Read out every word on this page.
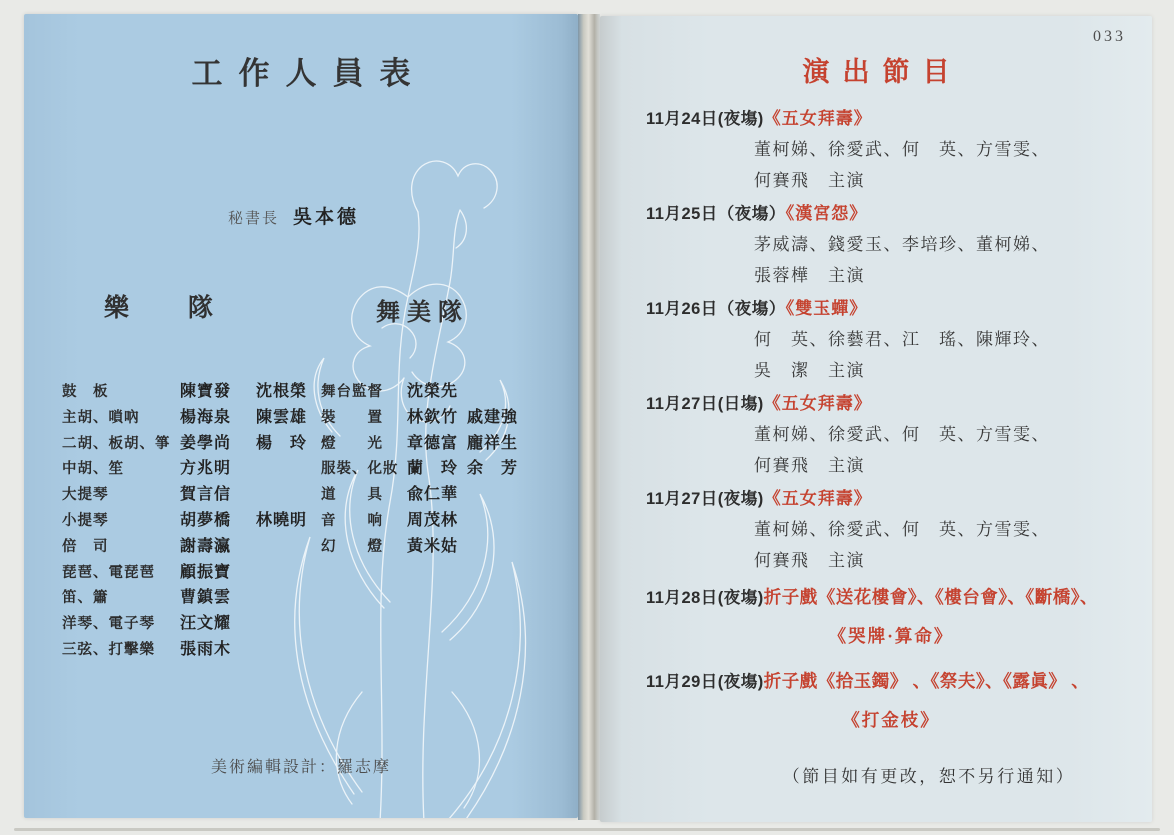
工作人員表
秘書長 吳本德
樂 隊	舞美隊
鼓　板	陳寶發	沈根榮
主胡、嗩吶	楊海泉	陳雲雄
二胡、板胡、箏 姜學尚	楊　玲
中胡、笙	方兆明
大提琴	賀言信
小提琴	胡夢橋	林曉明
倍　司	謝壽瀛
琵琶、電琵琶	顧振寶
笛、簫	曹鎮雲
洋琴、電子琴	汪文耀
三弦、打擊樂	張雨木
舞台監督	沈榮先
裝　　置	林欽竹 戚建強
燈　　光	章德富 龐祥生
服裝、化妝 蘭　玲 余　芳
道　　具	兪仁華
音　　响	周茂林
幻　　燈	黃米姑
美術編輯設計：羅志摩
033
演出節目
11月24日(夜塲)《五女拜壽》
董柯娣、徐愛武、何　英、方雪雯、
何賽飛　主演
11月25日（夜塲）《漢宮怨》
茅威濤、錢愛玉、李培珍、董柯娣、
張蓉樺　主演
11月26日（夜塲）《雙玉蟬》
何　英、徐藝君、江　瑤、陳輝玲、
吳　潔　主演
11月27日(日塲)《五女拜壽》
董柯娣、徐愛武、何　英、方雪雯、
何賽飛　主演
11月27日(夜塲)《五女拜壽》
董柯娣、徐愛武、何　英、方雪雯、
何賽飛　主演
11月28日(夜塲)折子戲《送花樓會》、《樓台會》、《斷橋》、
《哭牌·算命》
11月29日(夜塲)折子戲《拾玉鐲》 、《祭夫》、《露眞》 、
《打金枝》
（節目如有更改，恕不另行通知）
